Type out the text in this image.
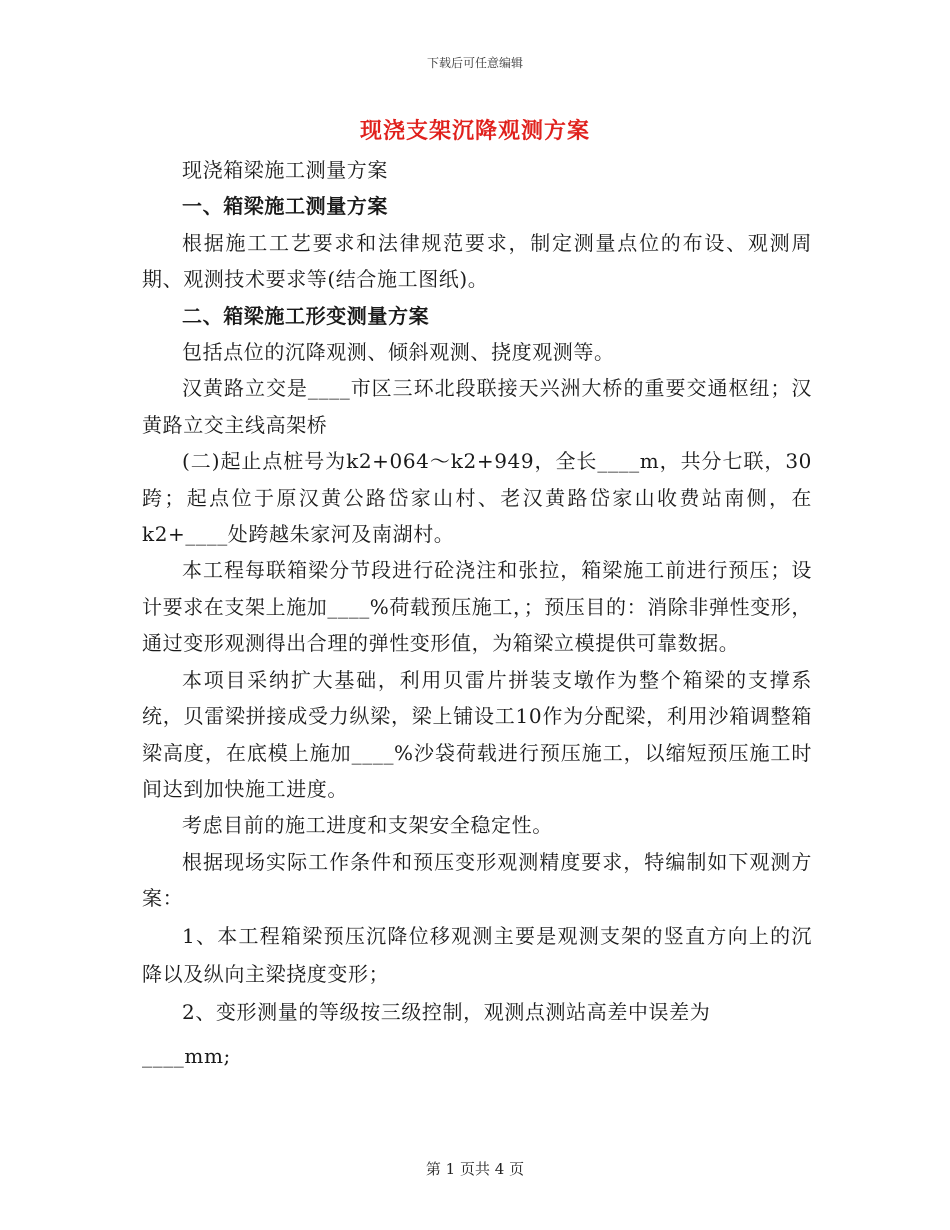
下载后可任意编辑
现浇支架沉降观测方案

现浇箱梁施工测量方案

一、箱梁施工测量方案

根据施工工艺要求和法律规范要求，制定测量点位的布设、观测周期、观测技术要求等(结合施工图纸)。

二、箱梁施工形变测量方案

包括点位的沉降观测、倾斜观测、挠度观测等。

汉黄路立交是____市区三环北段联接天兴洲大桥的重要交通枢纽；汉黄路立交主线高架桥

(二)起止点桩号为k2+064～k2+949，全长____m，共分七联，30跨；起点位于原汉黄公路岱家山村、老汉黄路岱家山收费站南侧，在k2+____处跨越朱家河及南湖村。

本工程每联箱梁分节段进行砼浇注和张拉，箱梁施工前进行预压；设计要求在支架上施加____%荷载预压施工，；预压目的：消除非弹性变形，通过变形观测得出合理的弹性变形值，为箱梁立模提供可靠数据。

本项目采纳扩大基础，利用贝雷片拼装支墩作为整个箱梁的支撑系统，贝雷梁拼接成受力纵梁，梁上铺设工10作为分配梁，利用沙箱调整箱梁高度，在底模上施加____%沙袋荷载进行预压施工，以缩短预压施工时间达到加快施工进度。

考虑目前的施工进度和支架安全稳定性。

根据现场实际工作条件和预压变形观测精度要求，特编制如下观测方案：

1、本工程箱梁预压沉降位移观测主要是观测支架的竖直方向上的沉降以及纵向主梁挠度变形；

2、变形测量的等级按三级控制，观测点测站高差中误差为

____mm;

第 1 页共 4 页
